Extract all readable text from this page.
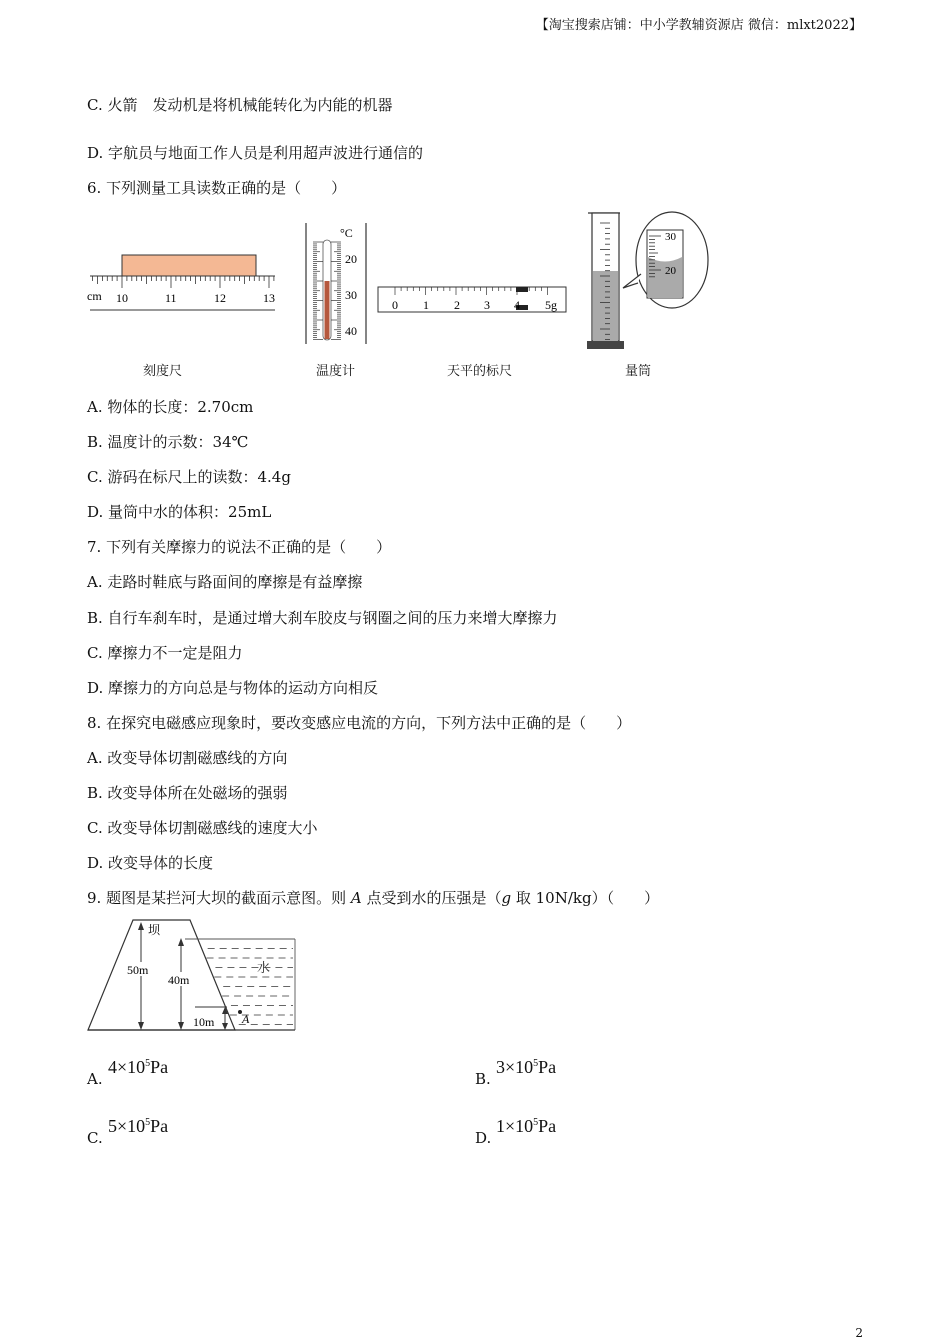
【淘宝搜索店铺：中小学教辅资源店 微信：mlxt2022】
C. 火箭　发动机是将机械能转化为内能的机器
D. 字航员与地面工作人员是利用超声波进行通信的
6. 下列测量工具读数正确的是（　　）
cm 10	11	12	13
°C
20
30
40
0 1 2 3 4 5g
30
20
刻度尺	温度计	天平的标尺	量筒
A. 物体的长度：2.70cm
B. 温度计的示数：34℃
C. 游码在标尺上的读数：4.4g
D. 量筒中水的体积：25mL
7. 下列有关摩擦力的说法不正确的是（　　）
A. 走路时鞋底与路面间的摩擦是有益摩擦
B. 自行车刹车时，是通过增大刹车胶皮与钢圈之间的压力来增大摩擦力
C. 摩擦力不一定是阻力
D. 摩擦力的方向总是与物体的运动方向相反
8. 在探究电磁感应现象时，要改变感应电流的方向，下列方法中正确的是（　　）
A. 改变导体切割磁感线的方向
B. 改变导体所在处磁场的强弱
C. 改变导体切割磁感线的速度大小
D. 改变导体的长度
9. 题图是某拦河大坝的截面示意图。则 A 点受到水的压强是（g 取 10N/kg）（　　）
坝
水
50m
40m
10m A
A.
$4\times 10^5Pa$
B.
$3\times 10^5Pa$
C.
$5\times 10^5Pa$
D.
$1\times 10^5Pa$
2
